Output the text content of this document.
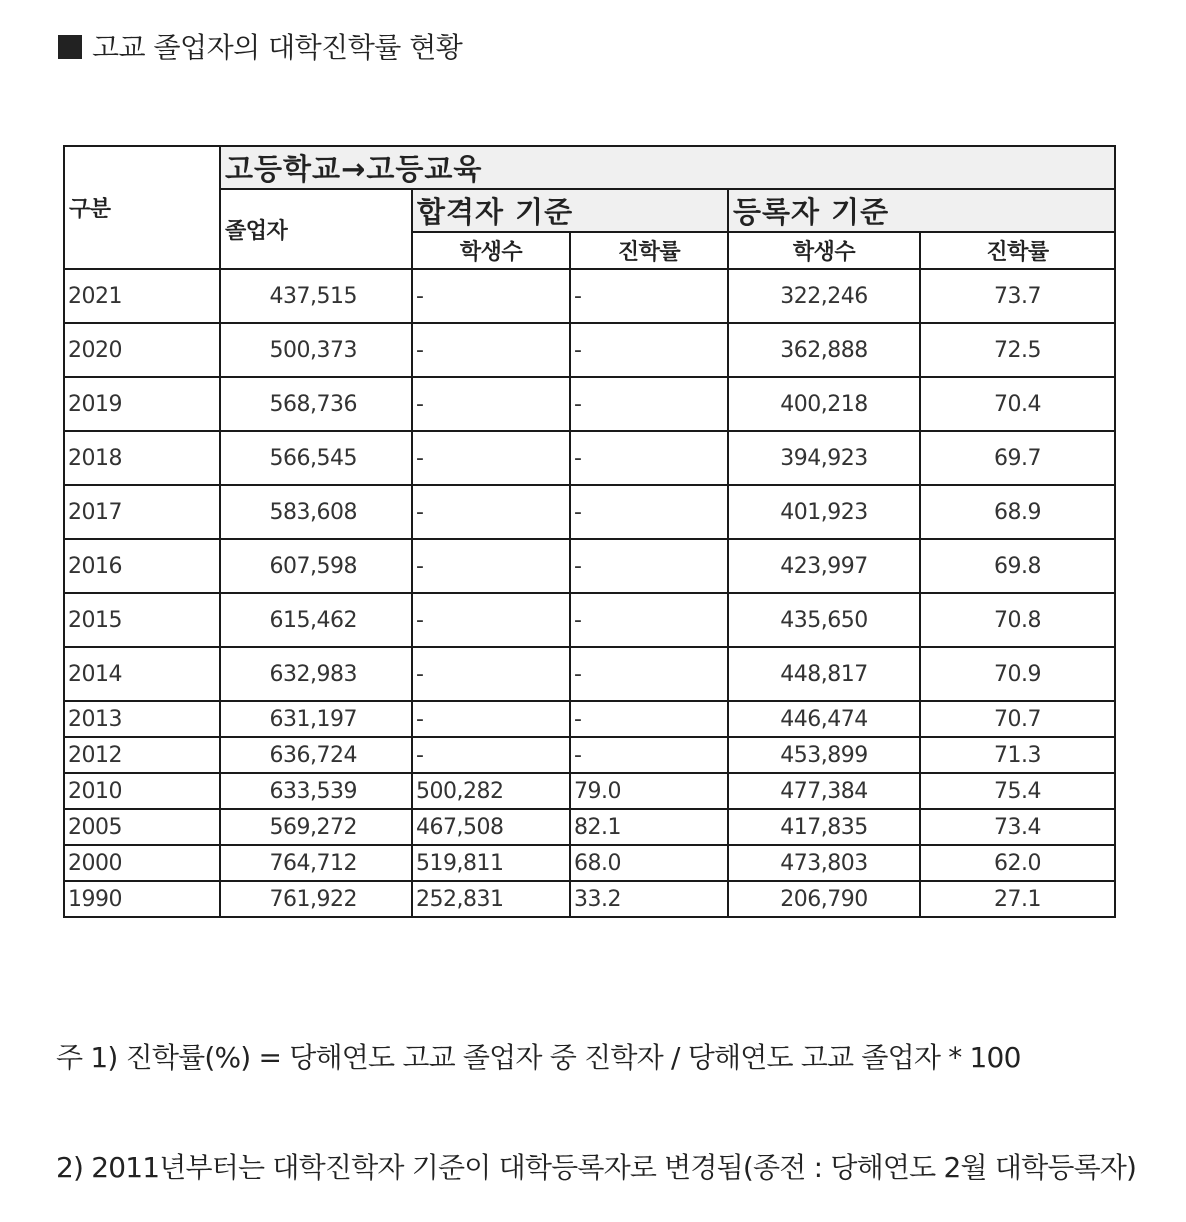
고교 졸업자의 대학진학률 현황
구분	고등학교→고등교육				
	졸업자	합격자 기준		등록자 기준	
		학생수	진학률	학생수	진학률
2021	437,515	-	-	322,246	73.7
2020	500,373	-	-	362,888	72.5
2019	568,736	-	-	400,218	70.4
2018	566,545	-	-	394,923	69.7
2017	583,608	-	-	401,923	68.9
2016	607,598	-	-	423,997	69.8
2015	615,462	-	-	435,650	70.8
2014	632,983	-	-	448,817	70.9
2013	631,197	-	-	446,474	70.7
2012	636,724	-	-	453,899	71.3
2010	633,539	500,282	79.0	477,384	75.4
2005	569,272	467,508	82.1	417,835	73.4
2000	764,712	519,811	68.0	473,803	62.0
1990	761,922	252,831	33.2	206,790	27.1
주 1) 진학률(%) = 당해연도 고교 졸업자 중 진학자 / 당해연도 고교 졸업자 * 100
2) 2011년부터는 대학진학자 기준이 대학등록자로 변경됨(종전 : 당해연도 2월 대학등록자)
